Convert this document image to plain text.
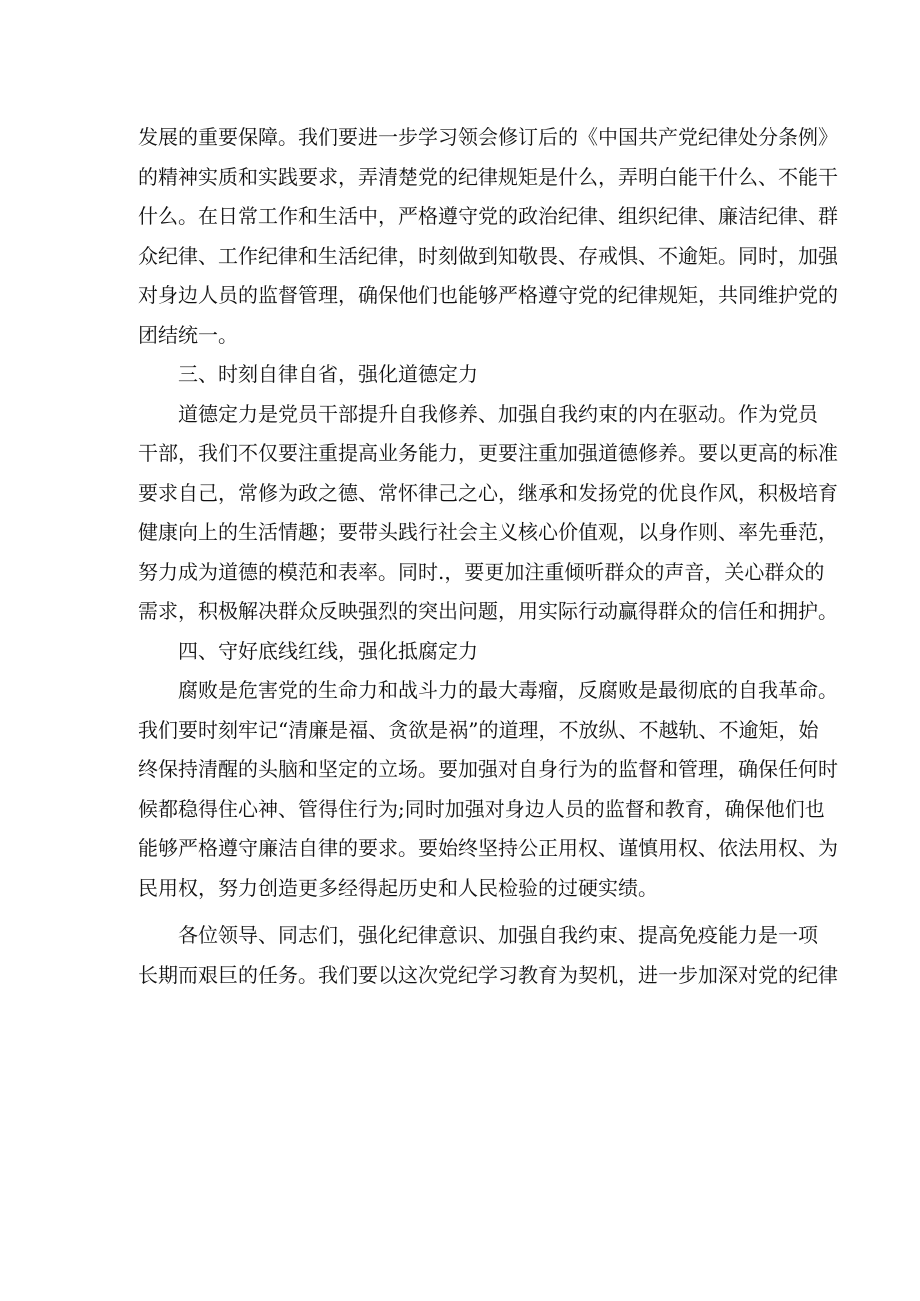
发展的重要保障。我们要进一步学习领会修订后的《中国共产党纪律处分条例》
的精神实质和实践要求，弄清楚党的纪律规矩是什么，弄明白能干什么、不能干
什么。在日常工作和生活中，严格遵守党的政治纪律、组织纪律、廉洁纪律、群
众纪律、工作纪律和生活纪律，时刻做到知敬畏、存戒惧、不逾矩。同时，加强
对身边人员的监督管理，确保他们也能够严格遵守党的纪律规矩，共同维护党的
团结统一。
三、时刻自律自省，强化道德定力
道德定力是党员干部提升自我修养、加强自我约束的内在驱动。作为党员
干部，我们不仅要注重提高业务能力，更要注重加强道德修养。要以更高的标准
要求自己，常修为政之德、常怀律己之心，继承和发扬党的优良作风，积极培育
健康向上的生活情趣；要带头践行社会主义核心价值观，以身作则、率先垂范，
努力成为道德的模范和表率。同时.，要更加注重倾听群众的声音，关心群众的
需求，积极解决群众反映强烈的突出问题，用实际行动赢得群众的信任和拥护。
四、守好底线红线，强化抵腐定力
腐败是危害党的生命力和战斗力的最大毒瘤，反腐败是最彻底的自我革命。
我们要时刻牢记“清廉是福、贪欲是祸”的道理，不放纵、不越轨、不逾矩，始
终保持清醒的头脑和坚定的立场。要加强对自身行为的监督和管理，确保任何时
候都稳得住心神、管得住行为;同时加强对身边人员的监督和教育，确保他们也
能够严格遵守廉洁自律的要求。要始终坚持公正用权、谨慎用权、依法用权、为
民用权，努力创造更多经得起历史和人民检验的过硬实绩。
各位领导、同志们，强化纪律意识、加强自我约束、提高免疫能力是一项
长期而艰巨的任务。我们要以这次党纪学习教育为契机，进一步加深对党的纪律
